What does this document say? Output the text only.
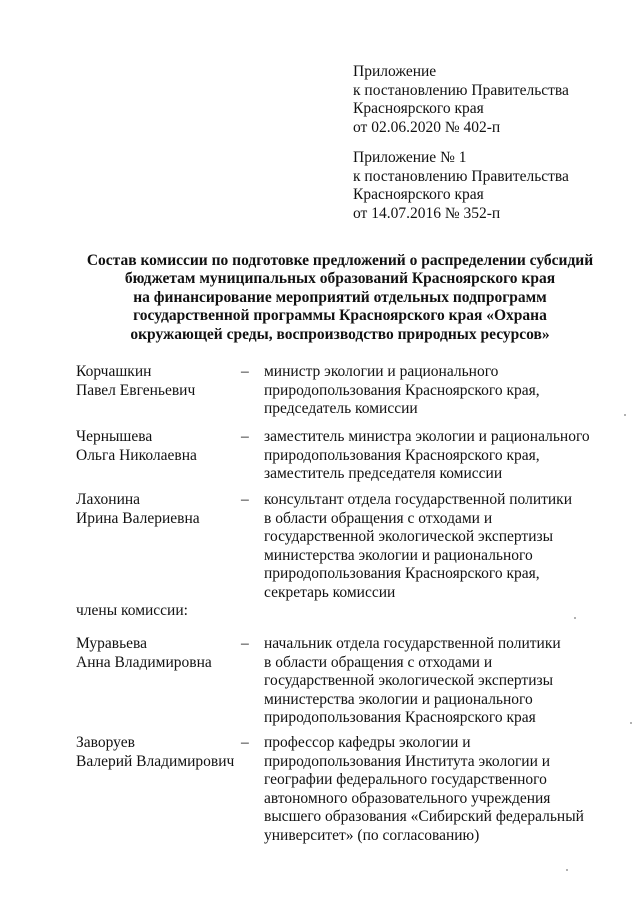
Приложение
к постановлению Правительства
Красноярского края
от 02.06.2020 № 402-п
Приложение № 1
к постановлению Правительства
Красноярского края
от 14.07.2016 № 352-п
Состав комиссии по подготовке предложений о распределении субсидий
бюджетам муниципальных образований Красноярского края
на финансирование мероприятий отдельных подпрограмм
государственной программы Красноярского края «Охрана
окружающей среды, воспроизводство природных ресурсов»
Корчашкин
Павел Евгеньевич
– министр экологии и рационального
природопользования Красноярского края,
председатель комиссии
Чернышева
Ольга Николаевна
– заместитель министра экологии и рационального
природопользования Красноярского края,
заместитель председателя комиссии
Лахонина
Ирина Валериевна
– консультант отдела государственной политики
в области обращения с отходами и
государственной экологической экспертизы
министерства экологии и рационального
природопользования Красноярского края,
секретарь комиссии
члены комиссии:
Муравьева
Анна Владимировна
– начальник отдела государственной политики
в области обращения с отходами и
государственной экологической экспертизы
министерства экологии и рационального
природопользования Красноярского края
Заворуев
Валерий Владимирович
– профессор кафедры экологии и
природопользования Института экологии и
географии федерального государственного
автономного образовательного учреждения
высшего образования «Сибирский федеральный
университет» (по согласованию)
